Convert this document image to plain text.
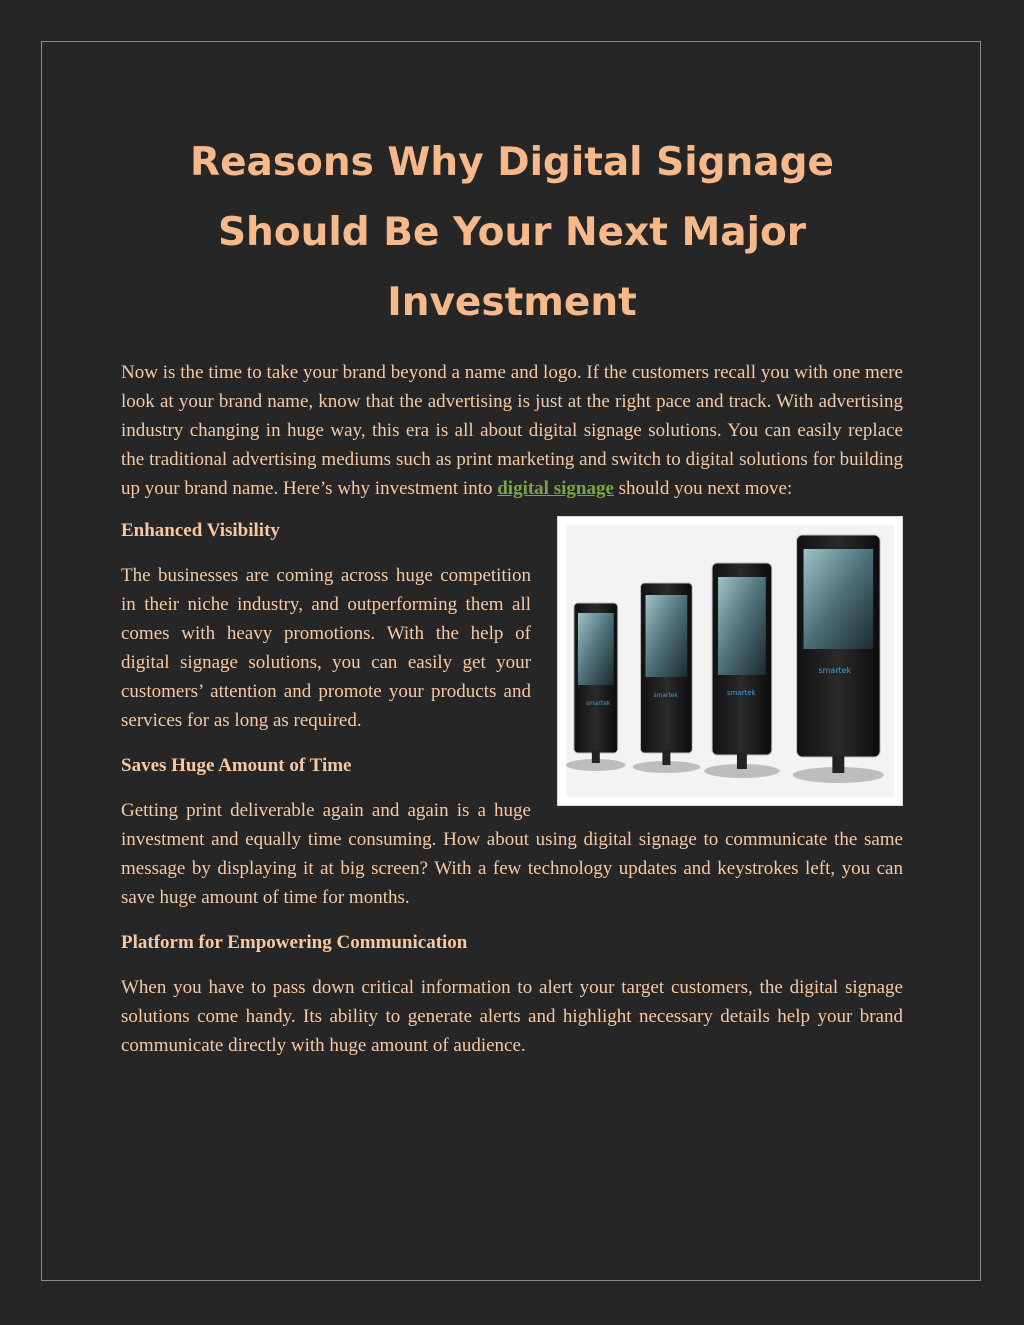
Reasons Why Digital Signage Should Be Your Next Major Investment

Now is the time to take your brand beyond a name and logo. If the customers recall you with one mere look at your brand name, know that the advertising is just at the right pace and track. With advertising industry changing in huge way, this era is all about digital signage solutions. You can easily replace the traditional advertising mediums such as print marketing and switch to digital solutions for building up your brand name. Here’s why investment into digital signage should you next move:

smartek
smartek	smartek
smartek
Enhanced Visibility

The businesses are coming across huge competition in their niche industry, and outperforming them all comes with heavy promotions. With the help of digital signage solutions, you can easily get your customers’ attention and promote your products and services for as long as required.

Saves Huge Amount of Time

Getting print deliverable again and again is a huge investment and equally time consuming. How about using digital signage to communicate the same message by displaying it at big screen? With a few technology updates and keystrokes left, you can save huge amount of time for months.

Platform for Empowering Communication

When you have to pass down critical information to alert your target customers, the digital signage solutions come handy. Its ability to generate alerts and highlight necessary details help your brand communicate directly with huge amount of audience.
